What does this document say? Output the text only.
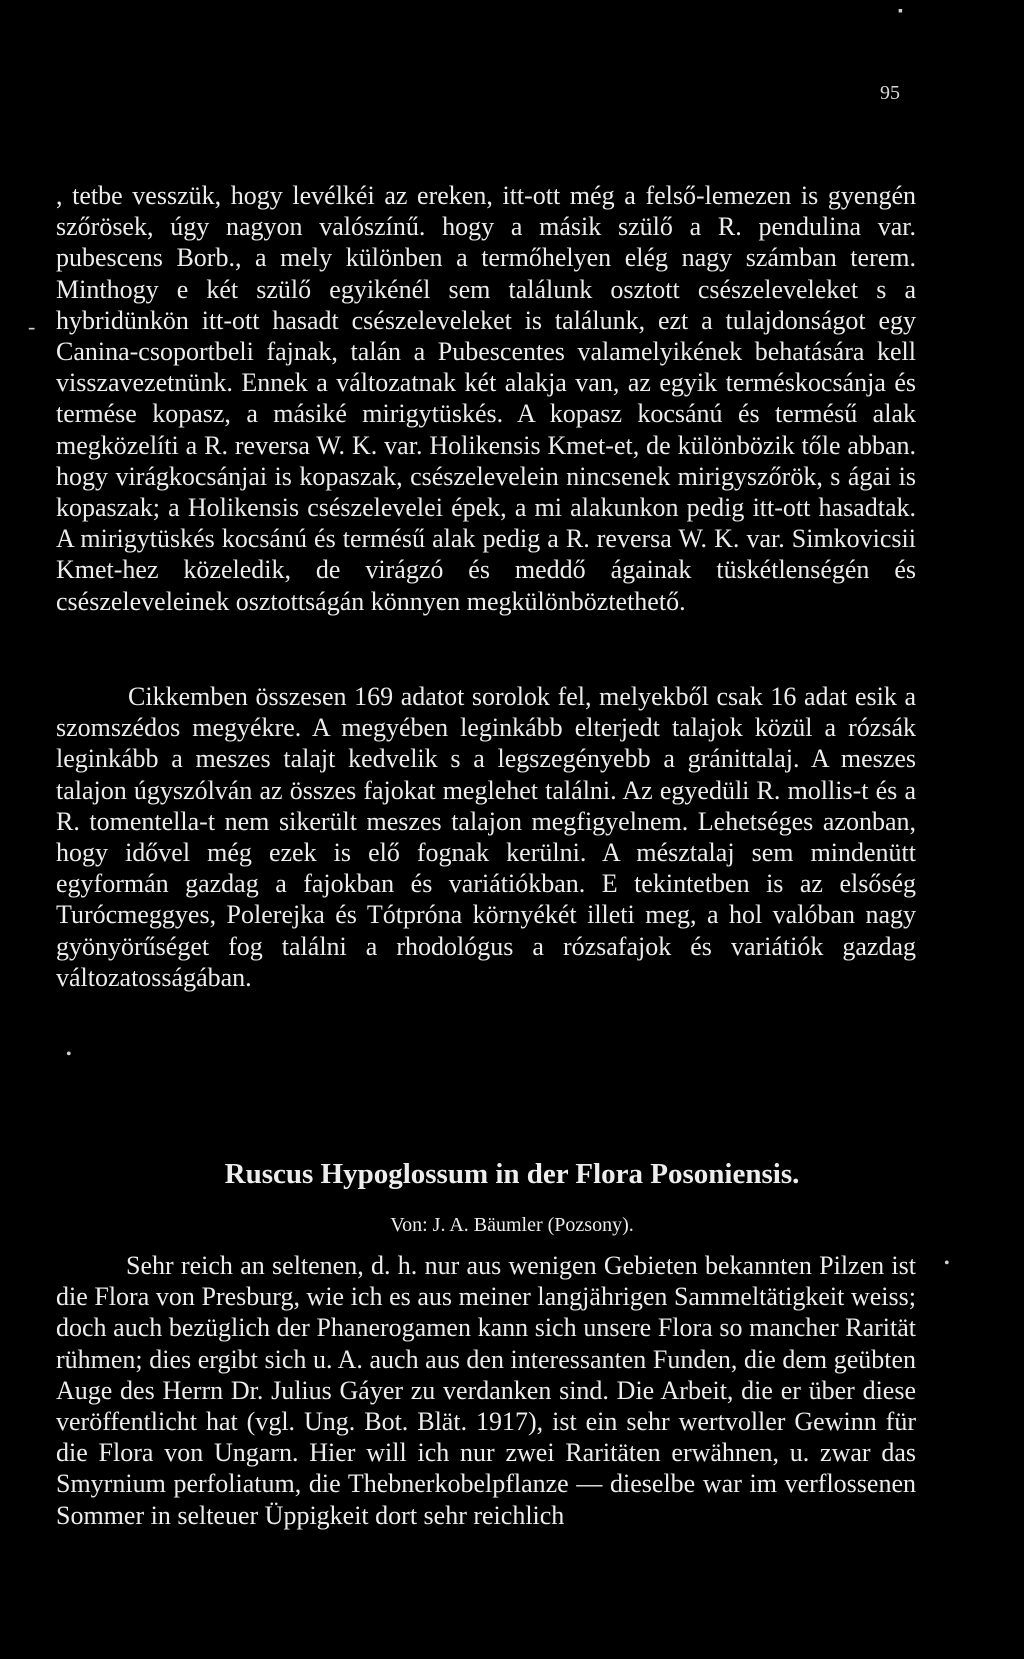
95
▪
-
•
•

, tetbe vesszük, hogy levélkéi az ereken, itt-ott még a felső-lemezen is gyengén szőrösek, úgy nagyon valószínű. hogy a másik szülő a R. pendulina var. pubescens Borb., a mely különben a termőhelyen elég nagy számban terem. Minthogy e két szülő egyikénél sem találunk osztott csészeleveleket s a hybridünkön itt-ott hasadt csészeleveleket is találunk, ezt a tulajdonságot egy Canina-csoportbeli fajnak, talán a Pubescentes valamelyikének behatására kell visszavezetnünk. Ennek a változatnak két alakja van, az egyik terméskocsánja és termése kopasz, a másiké mirigytüskés. A kopasz kocsánú és termésű alak megközelíti a R. reversa W. K. var. Holikensis Kmet-et, de különbözik tőle abban. hogy virágkocsánjai is kopaszak, csészelevelein nincsenek mirigyszőrök, s ágai is kopaszak; a Holikensis csészelevelei épek, a mi alakunkon pedig itt-ott hasadtak. A mirigytüskés kocsánú és termésű alak pedig a R. reversa W. K. var. Simkovicsii Kmet-hez közeledik, de virágzó és meddő ágainak tüskétlenségén és csészeleveleinek osztottságán könnyen megkülönböztethető.

Cikkemben összesen 169 adatot sorolok fel, melyekből csak 16 adat esik a szomszédos megyékre. A megyében leginkább elterjedt talajok közül a rózsák leginkább a meszes talajt kedvelik s a legszegényebb a gránittalaj. A meszes talajon úgyszólván az összes fajokat meglehet találni. Az egyedüli R. mollis-t és a R. tomentella-t nem sikerült meszes talajon megfigyelnem. Lehetséges azonban, hogy idővel még ezek is elő fognak kerülni. A mésztalaj sem mindenütt egyformán gazdag a fajokban és variátiókban. E tekintetben is az elsőség Turócmeggyes, Polerejka és Tótpróna környékét illeti meg, a hol valóban nagy gyönyörűséget fog találni a rhodológus a rózsafajok és variátiók gazdag változatosságában.

Ruscus Hypoglossum in der Flora Posoniensis.

Von: J. A. Bäumler (Pozsony).

Sehr reich an seltenen, d. h. nur aus wenigen Gebieten bekannten Pilzen ist die Flora von Presburg, wie ich es aus meiner langjährigen Sammeltätigkeit weiss; doch auch bezüglich der Phanerogamen kann sich unsere Flora so mancher Rarität rühmen; dies ergibt sich u. A. auch aus den interessanten Funden, die dem geübten Auge des Herrn Dr. Julius Gáyer zu verdanken sind. Die Arbeit, die er über diese veröffentlicht hat (vgl. Ung. Bot. Blät. 1917), ist ein sehr wertvoller Gewinn für die Flora von Ungarn. Hier will ich nur zwei Raritäten erwähnen, u. zwar das Smyrnium perfoliatum, die Thebnerkobelpflanze — dieselbe war im verflossenen Sommer in selteuer Üppigkeit dort sehr reichlich
